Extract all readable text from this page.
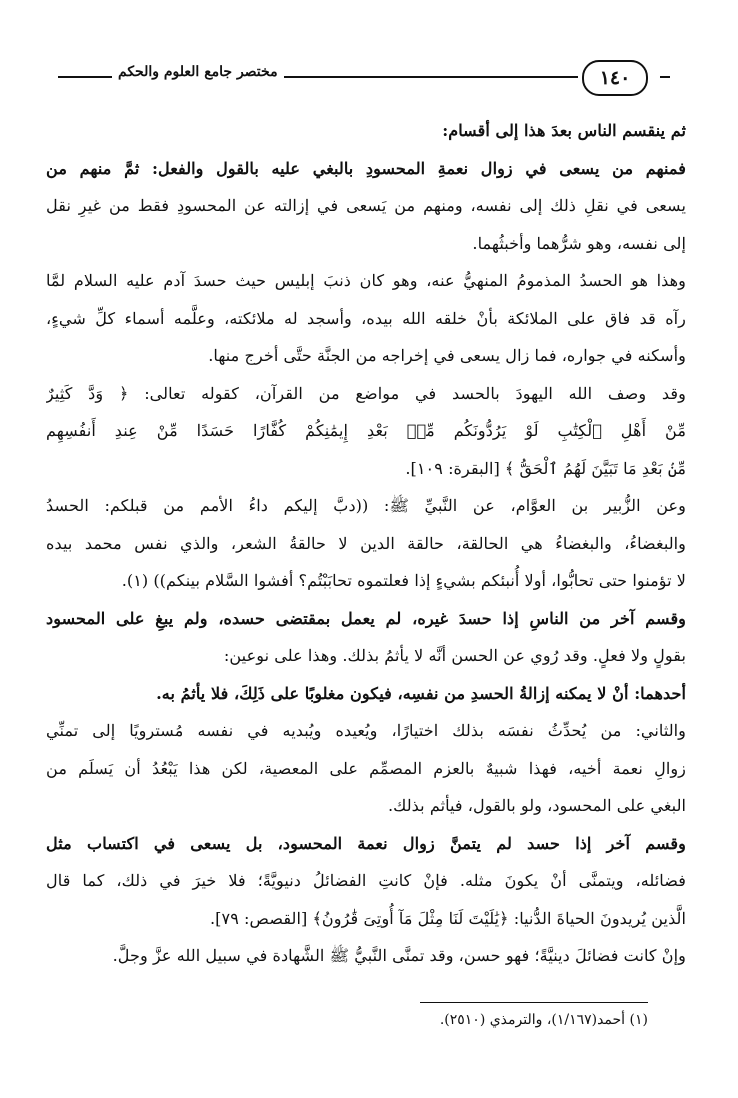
١٤٠
مختصر جامع العلوم والحكم
ثم ينقسم الناس بعدَ هذا إلى أقسام:
فمنهم من يسعى في زوال نعمةِ المحسودِ بالبغي عليه بالقول والفعل: ثمَّ منهم من
يسعى في نقلِ ذلك إلى نفسه، ومنهم من يَسعى في إزالته عن المحسودِ فقط من غيرِ نقل
إلى نفسه، وهو شرُّهما وأخبثُهما.
وهذا هو الحسدُ المذمومُ المنهيُّ عنه، وهو كان ذنبَ إبليس حيث حسدَ آدم عليه السلام لمَّا
رآه قد فاق على الملائكة بأنْ خلقه الله بيده، وأسجد له ملائكته، وعلَّمه أسماء كلِّ شيءٍ،
وأسكنه في جواره، فما زال يسعى في إخراجه من الجنَّة حتَّى أخرج منها.
وقد وصف الله اليهودَ بالحسد في مواضع من القرآن، كقوله تعالى: ﴿ وَدَّ كَثِيرٌ
مِّنْ أَهْلِ ٱلْكِتَٰبِ لَوْ يَرُدُّونَكُم مِّنۢ بَعْدِ إِيمَٰنِكُمْ كُفَّارًا حَسَدًا مِّنْ عِندِ أَنفُسِهِم
مِّنۢ بَعْدِ مَا تَبَيَّنَ لَهُمُ ٱلْحَقُّ ﴾ [البقرة: ١٠٩].
وعن الزُّبير بن العوَّام، عن النَّبيِّ ﷺ: ((دبَّ إليكم داءُ الأمم من قبلكم: الحسدُ
والبغضاءُ، والبغضاءُ هي الحالقة، حالقة الدين لا حالقةُ الشعر، والذي نفس محمد بيده
لا تؤمنوا حتى تحابُّوا، أولا أُنبئكم بشيءٍ إذا فعلتموه تحابَبْتُم؟ أفشوا السَّلام بينكم)) (١).
وقسم آخر من الناسِ إذا حسدَ غيره، لم يعمل بمقتضى حسده، ولم يبغِ على المحسود
بقولٍ ولا فعلٍ. وقد رُوي عن الحسن أنَّه لا يأثمُ بذلك. وهذا على نوعين:
أحدهما: أنْ لا يمكنه إزالةُ الحسدِ من نفسِه، فيكون مغلوبًا على ذَلِكَ، فلا يأثمُ به.
والثاني: من يُحدِّثُ نفسَه بذلك اختيارًا، ويُعيده ويُبديه في نفسه مُسترويًا إلى تمنِّي
زوالِ نعمة أخيه، فهذا شبيهٌ بالعزم المصمِّم على المعصية، لكن هذا يَبْعُدُ أن يَسلَم من
البغي على المحسود، ولو بالقول، فيأثم بذلك.
وقسم آخر إذا حسد لم يتمنَّ زوال نعمة المحسود، بل يسعى في اكتساب مثل
فضائله، ويتمنَّى أنْ يكونَ مثله. فإنْ كانتِ الفضائلُ دنيويَّةً؛ فلا خيرَ في ذلك، كما قال
الَّذين يُريدونَ الحياةَ الدُّنيا: ﴿يَٰلَيْتَ لَنَا مِثْلَ مَآ أُوتِىَ قَٰرُونُ﴾ [القصص: ٧٩].
وإنْ كانت فضائلَ دينيَّةً؛ فهو حسن، وقد تمنَّى النَّبيُّ ﷺ الشَّهادة في سبيل الله عزَّ وجلَّ.
(١) أحمد(١/١٦٧)، والترمذي (٢٥١٠).
